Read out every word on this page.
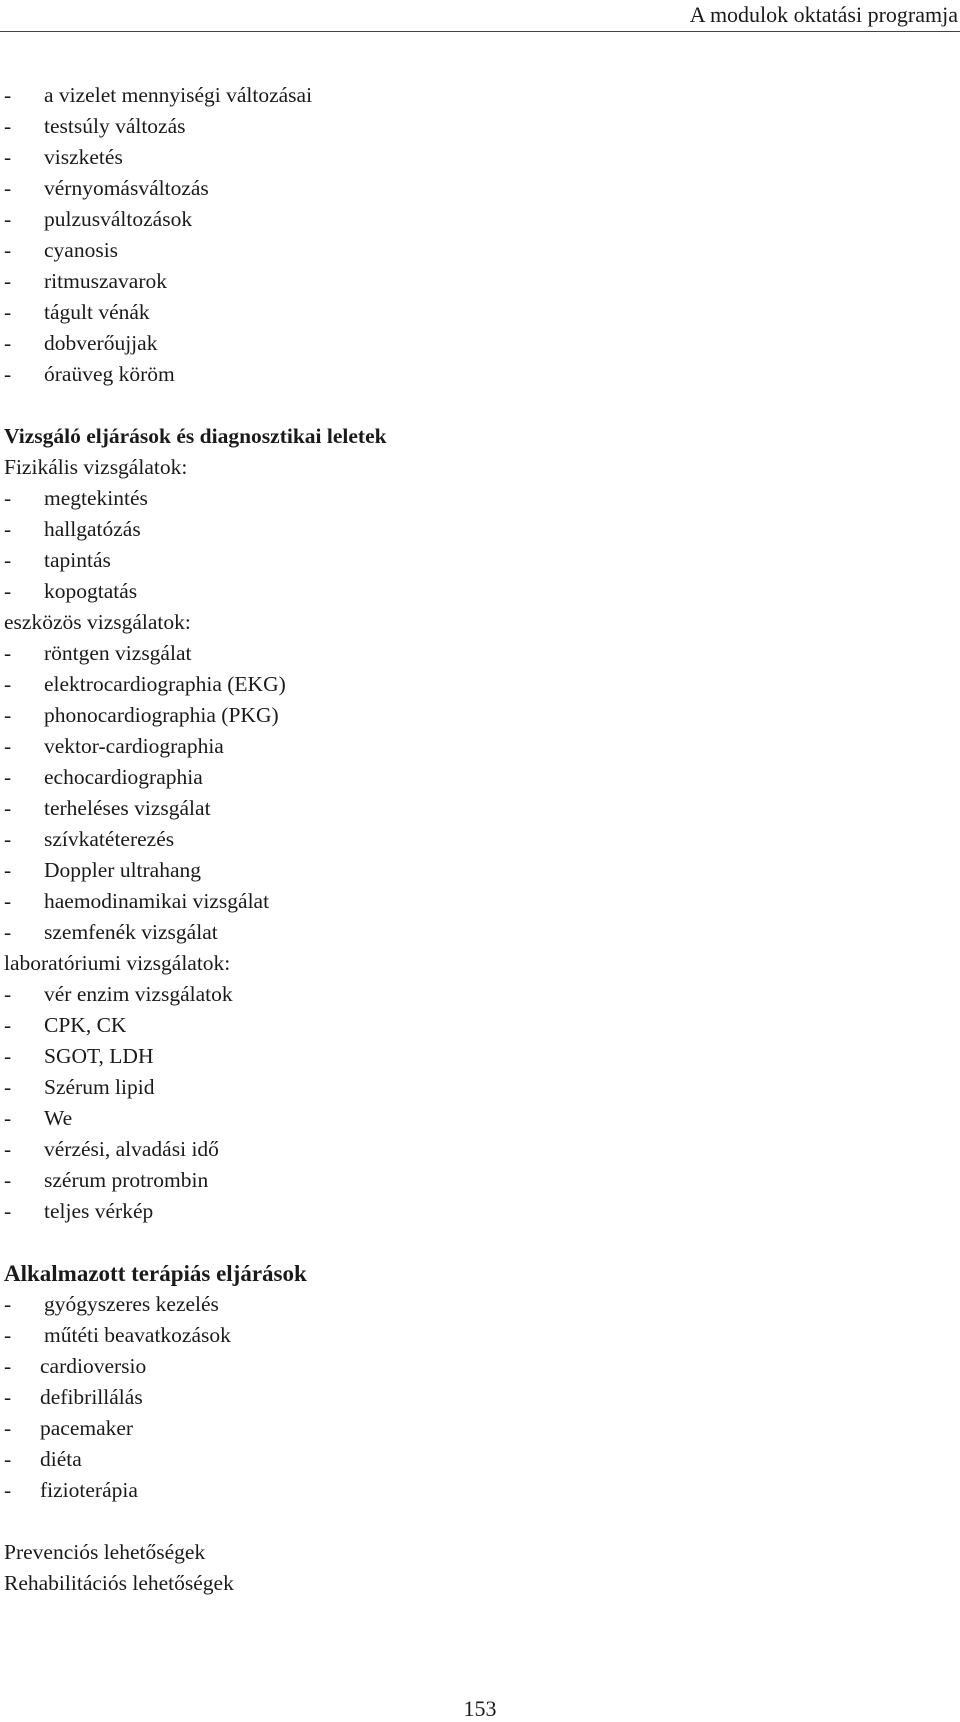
A modulok oktatási programja
- a vizelet mennyiségi változásai
- testsúly változás
- viszketés
- vérnyomásváltozás
- pulzusváltozások
- cyanosis
- ritmuszavarok
- tágult vénák
- dobverőujjak
- óraüveg köröm
Vizsgáló eljárások és diagnosztikai leletek
Fizikális vizsgálatok:
- megtekintés
- hallgatózás
- tapintás
- kopogtatás
eszközös vizsgálatok:
- röntgen vizsgálat
- elektrocardiographia (EKG)
- phonocardiographia (PKG)
- vektor-cardiographia
- echocardiographia
- terheléses vizsgálat
- szívkatéterezés
- Doppler ultrahang
- haemodinamikai vizsgálat
- szemfenék vizsgálat
laboratóriumi vizsgálatok:
- vér enzim vizsgálatok
- CPK, CK
- SGOT, LDH
- Szérum lipid
- We
- vérzési, alvadási idő
- szérum protrombin
- teljes vérkép
Alkalmazott terápiás eljárások
- gyógyszeres kezelés
- műtéti beavatkozások
- cardioversio
- defibrillálás
- pacemaker
- diéta
- fizioterápia
Prevenciós lehetőségek
Rehabilitációs lehetőségek
153
